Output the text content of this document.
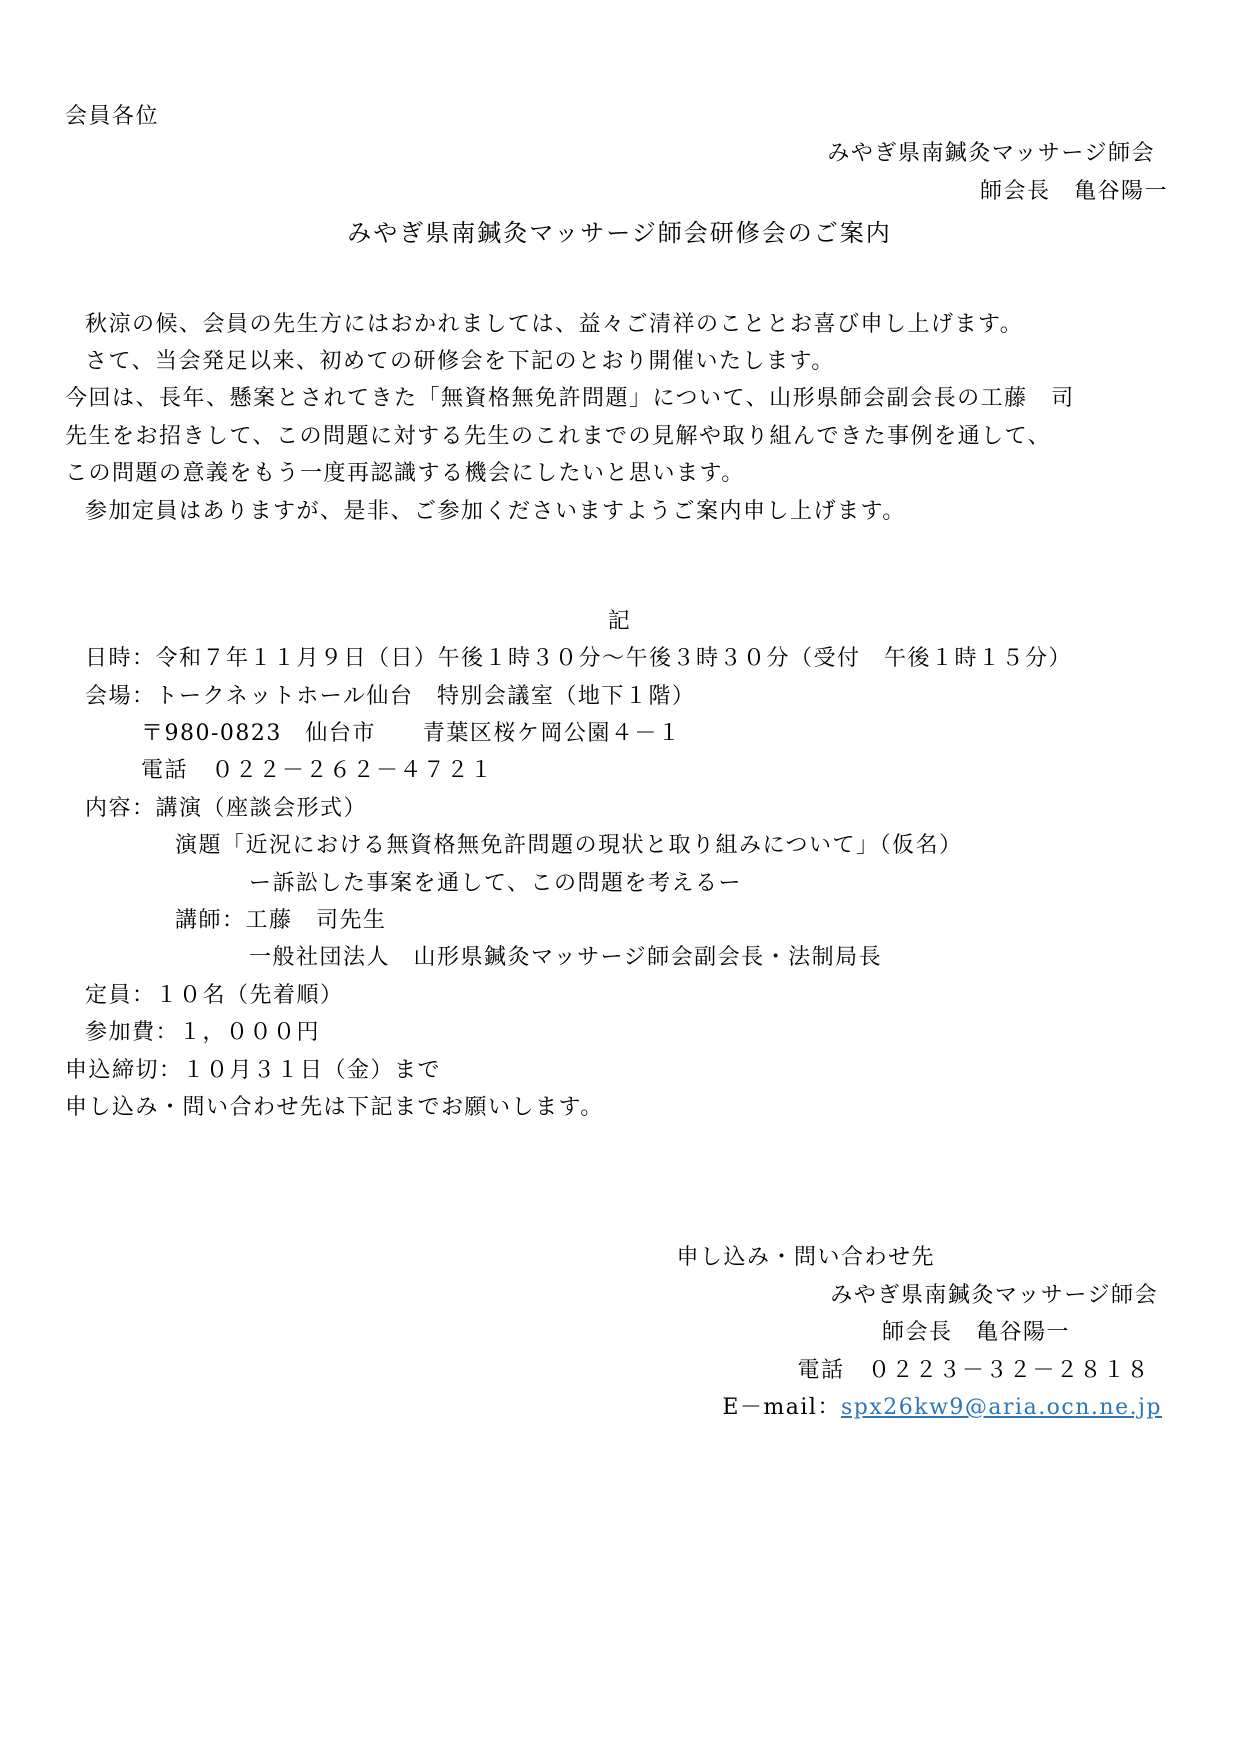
会員各位
みやぎ県南鍼灸マッサージ師会
師会長　亀谷陽一
みやぎ県南鍼灸マッサージ師会研修会のご案内
秋涼の候、会員の先生方にはおかれましては、益々ご清祥のこととお喜び申し上げます。
さて、当会発足以来、初めての研修会を下記のとおり開催いたします。
今回は、長年、懸案とされてきた「無資格無免許問題」について、山形県師会副会長の工藤　司
先生をお招きして、この問題に対する先生のこれまでの見解や取り組んできた事例を通して、
この問題の意義をもう一度再認識する機会にしたいと思います。
参加定員はありますが、是非、ご参加くださいますようご案内申し上げます。
記
日時：令和７年１１月９日（日）午後１時３０分～午後３時３０分（受付　午後１時１５分）
会場：トークネットホール仙台　特別会議室（地下１階）
〒980-0823　仙台市　　青葉区桜ケ岡公園４－１
電話　０２２－２６２－４７２１
内容：講演（座談会形式）
演題「近況における無資格無免許問題の現状と取り組みについて」（仮名）
ー訴訟した事案を通して、この問題を考えるー
講師：工藤　司先生
一般社団法人　山形県鍼灸マッサージ師会副会長・法制局長
定員：１０名（先着順）
参加費：１，０００円
申込締切：１０月３１日（金）まで
申し込み・問い合わせ先は下記までお願いします。
申し込み・問い合わせ先
みやぎ県南鍼灸マッサージ師会
師会長　亀谷陽一
電話　０２２３－３２－２８１８
E－mail：spx26kw9@aria.ocn.ne.jp
